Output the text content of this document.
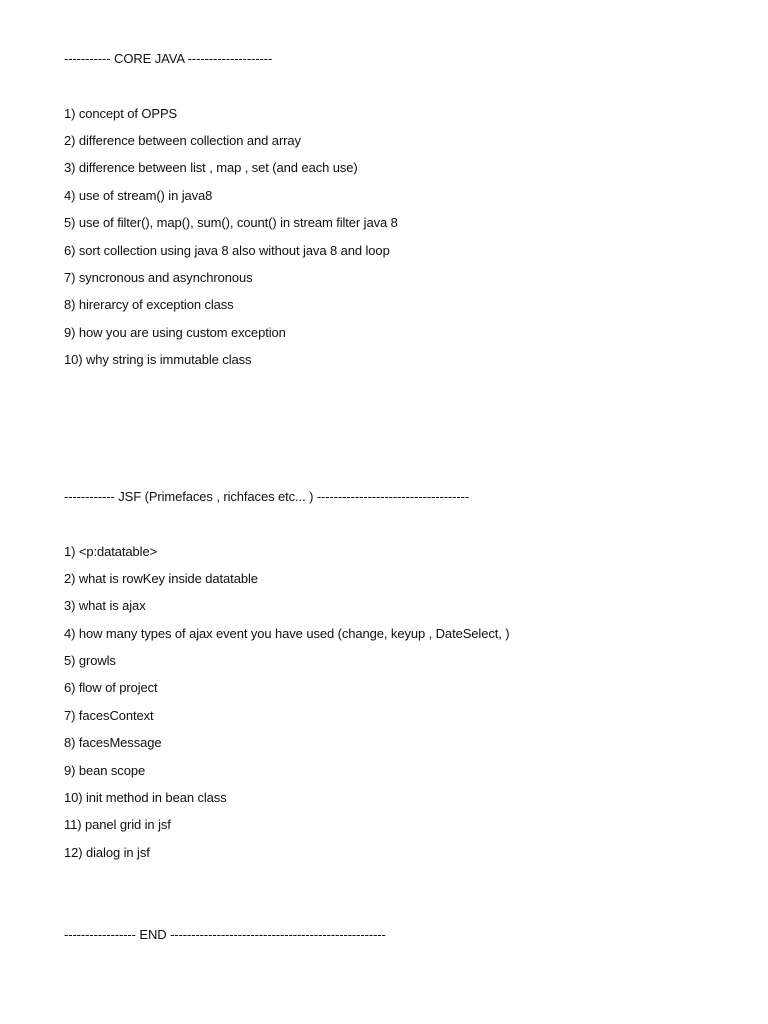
----------- CORE JAVA --------------------
1) concept of OPPS
2) difference between collection and array
3) difference between list , map , set (and each use)
4) use of stream() in java8
5) use of filter(), map(), sum(), count() in stream filter java 8
6) sort collection using java 8 also without java 8 and loop
7) syncronous and asynchronous
8) hirerarcy of exception class
9) how you are using custom exception
10) why string is immutable class
------------ JSF (Primefaces , richfaces etc... ) ------------------------------------
1) <p:datatable>
2) what is rowKey inside datatable
3) what is ajax
4) how many types of ajax event you have used (change, keyup , DateSelect, )
5) growls
6) flow of project
7) facesContext
8) facesMessage
9) bean scope
10) init method in bean class
11) panel grid in jsf
12) dialog in jsf
----------------- END ---------------------------------------------------
